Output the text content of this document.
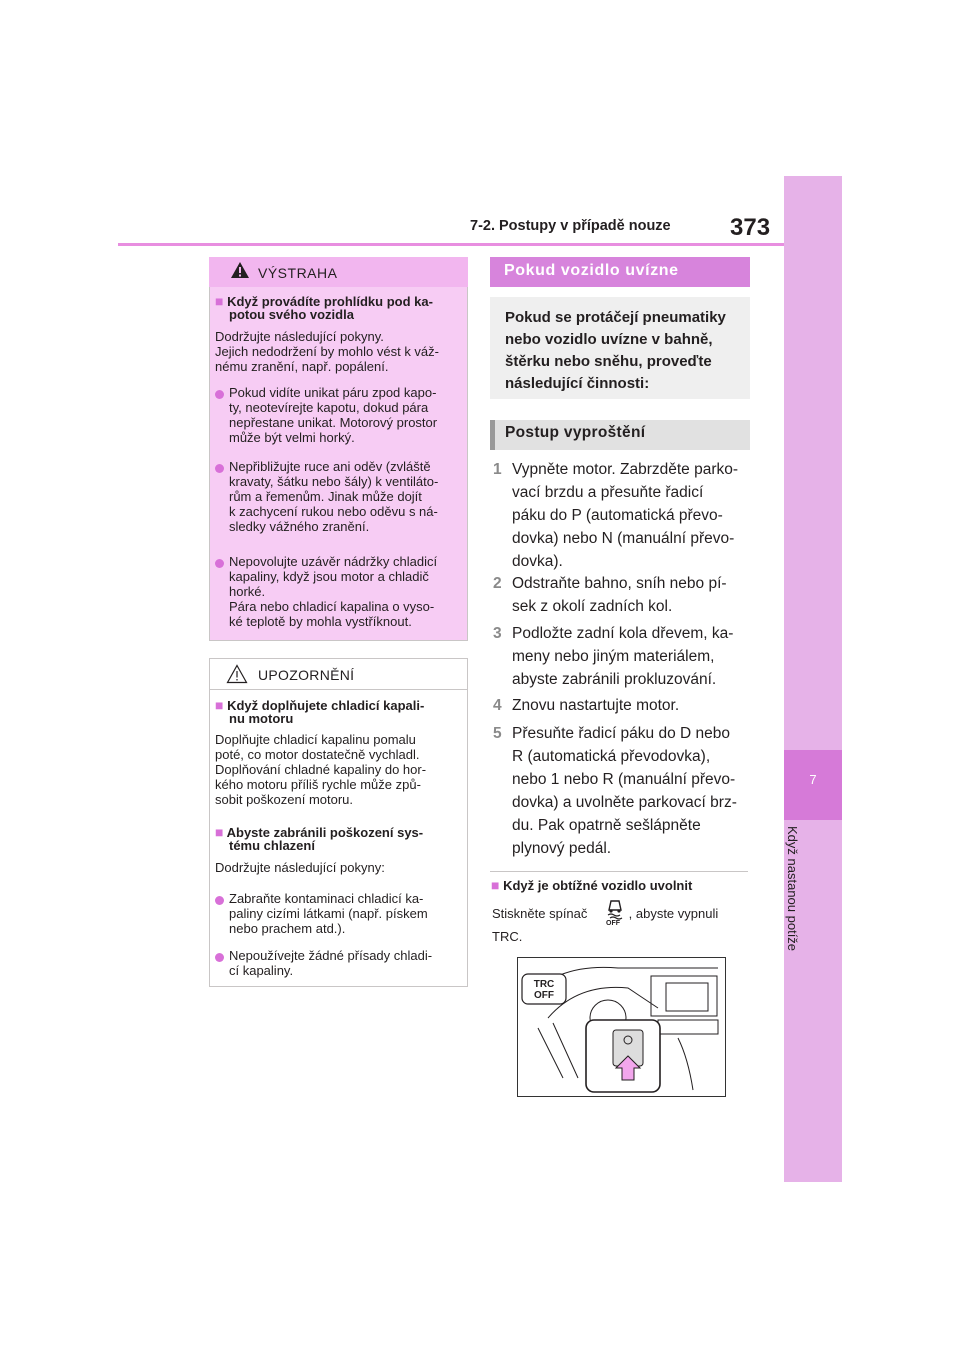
7-2. Postupy v případě nouze 373
7
Když nastanou potíže
VÝSTRAHA
■ Když provádíte prohlídku pod ka-
potou svého vozidla
Dodržujte následující pokyny.
Jejich nedodržení by mohlo vést k váž-
nému zranění, např. popálení.
Pokud vidíte unikat páru zpod kapo-
ty, neotevírejte kapotu, dokud pára
nepřestane unikat. Motorový prostor
může být velmi horký.
Nepřibližujte ruce ani oděv (zvláště
kravaty, šátku nebo šály) k ventiláto-
rům a řemenům. Jinak může dojít
k zachycení rukou nebo oděvu s ná-
sledky vážného zranění.
Nepovolujte uzávěr nádržky chladicí
kapaliny, když jsou motor a chladič
horké.
Pára nebo chladicí kapalina o vyso-
ké teplotě by mohla vystříknout.
UPOZORNĚNÍ
■ Když doplňujete chladicí kapali-
nu motoru
Doplňujte chladicí kapalinu pomalu
poté, co motor dostatečně vychladl.
Doplňování chladné kapaliny do hor-
kého motoru příliš rychle může způ-
sobit poškození motoru.
■ Abyste zabránili poškození sys-
tému chlazení
Dodržujte následující pokyny:
Zabraňte kontaminaci chladicí ka-
paliny cizími látkami (např. pískem
nebo prachem atd.).
Nepoužívejte žádné přísady chladi-
cí kapaliny.
Pokud vozidlo uvízne
Pokud se protáčejí pneumatiky
nebo vozidlo uvízne v bahně,
štěrku nebo sněhu, proveďte
následující činnosti:
Postup vyproštění
1 Vypněte motor. Zabrzděte parko-
vací brzdu a přesuňte řadicí
páku do P (automatická převo-
dovka) nebo N (manuální převo-
dovka).
2 Odstraňte bahno, sníh nebo pí-
sek z okolí zadních kol.
3 Podložte zadní kola dřevem, ka-
meny nebo jiným materiálem,
abyste zabránili prokluzování.
4 Znovu nastartujte motor.
5 Přesuňte řadicí páku do D nebo
R (automatická převodovka),
nebo 1 nebo R (manuální převo-
dovka) a uvolněte parkovací brz-
du. Pak opatrně sešlápněte
plynový pedál.
■ Když je obtížné vozidlo uvolnit
Stiskněte spínač	, abyste vypnuli
OFF
TRC.
TRC
OFF
